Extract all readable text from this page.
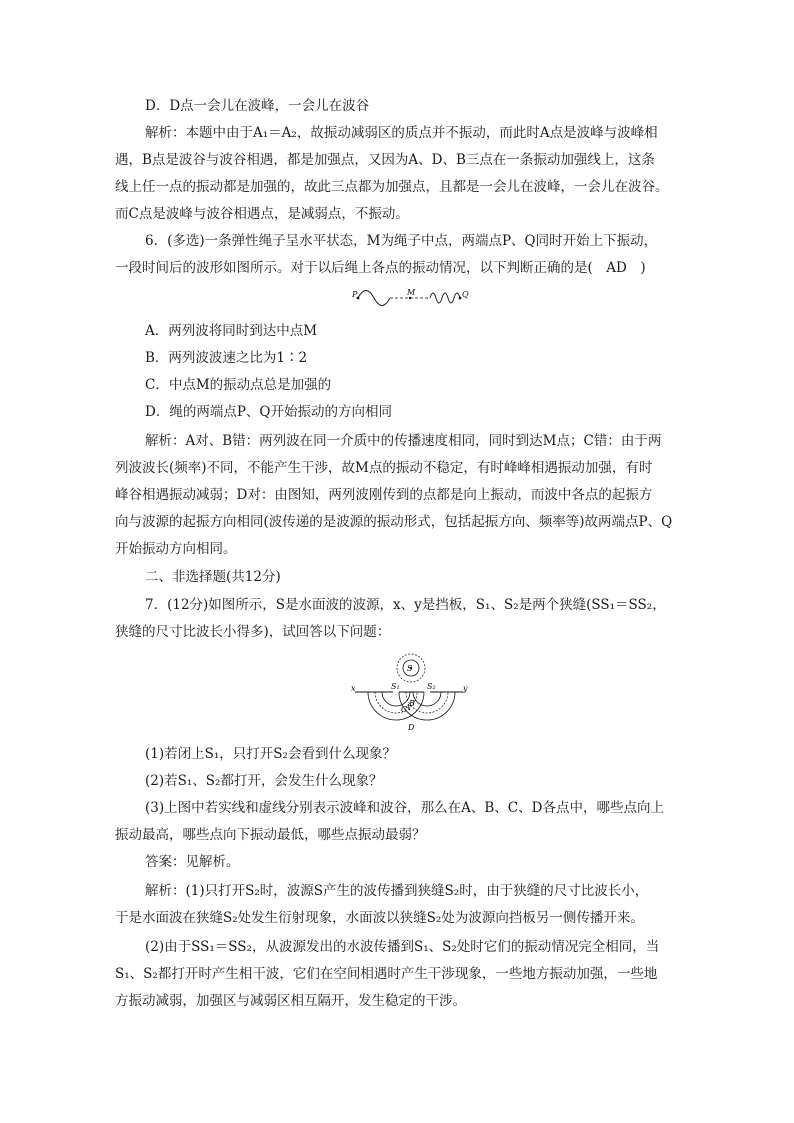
D．D点一会儿在波峰，一会儿在波谷
解析：本题中由于A₁＝A₂，故振动减弱区的质点并不振动，而此时A点是波峰与波峰相
遇，B点是波谷与波谷相遇，都是加强点，又因为A、D、B三点在一条振动加强线上，这条
线上任一点的振动都是加强的，故此三点都为加强点，且都是一会儿在波峰，一会儿在波谷。
而C点是波峰与波谷相遇点，是减弱点，不振动。
6．(多选)一条弹性绳子呈水平状态，M为绳子中点，两端点P、Q同时开始上下振动，
一段时间后的波形如图所示。对于以后绳上各点的振动情况，以下判断正确的是(　AD　)
P	M	Q
A．两列波将同时到达中点M
B．两列波波速之比为1∶2
C．中点M的振动点总是加强的
D．绳的两端点P、Q开始振动的方向相同
解析：A对、B错：两列波在同一介质中的传播速度相同，同时到达M点；C错：由于两
列波波长(频率)不同，不能产生干涉，故M点的振动不稳定，有时峰峰相遇振动加强，有时
峰谷相遇振动减弱；D对：由图知，两列波刚传到的点都是向上振动，而波中各点的起振方
向与波源的起振方向相同(波传递的是波源的振动形式，包括起振方向、频率等)故两端点P、Q
开始振动方向相同。
二、非选择题(共12分)
7．(12分)如图所示，S是水面波的波源，x、y是挡板，S₁、S₂是两个狭缝(SS₁＝SS₂，
狭缝的尺寸比波长小得多)，试回答以下问题：
S
x	S₁	S₂	y
A
B
C
D
(1)若闭上S₁，只打开S₂会看到什么现象？
(2)若S₁、S₂都打开，会发生什么现象？
(3)上图中若实线和虚线分别表示波峰和波谷，那么在A、B、C、D各点中，哪些点向上
振动最高，哪些点向下振动最低，哪些点振动最弱？
答案：见解析。
解析：(1)只打开S₂时，波源S产生的波传播到狭缝S₂时，由于狭缝的尺寸比波长小，
于是水面波在狭缝S₂处发生衍射现象，水面波以狭缝S₂处为波源向挡板另一侧传播开来。
(2)由于SS₁＝SS₂，从波源发出的水波传播到S₁、S₂处时它们的振动情况完全相同，当
S₁、S₂都打开时产生相干波，它们在空间相遇时产生干涉现象，一些地方振动加强，一些地
方振动减弱，加强区与减弱区相互隔开，发生稳定的干涉。
